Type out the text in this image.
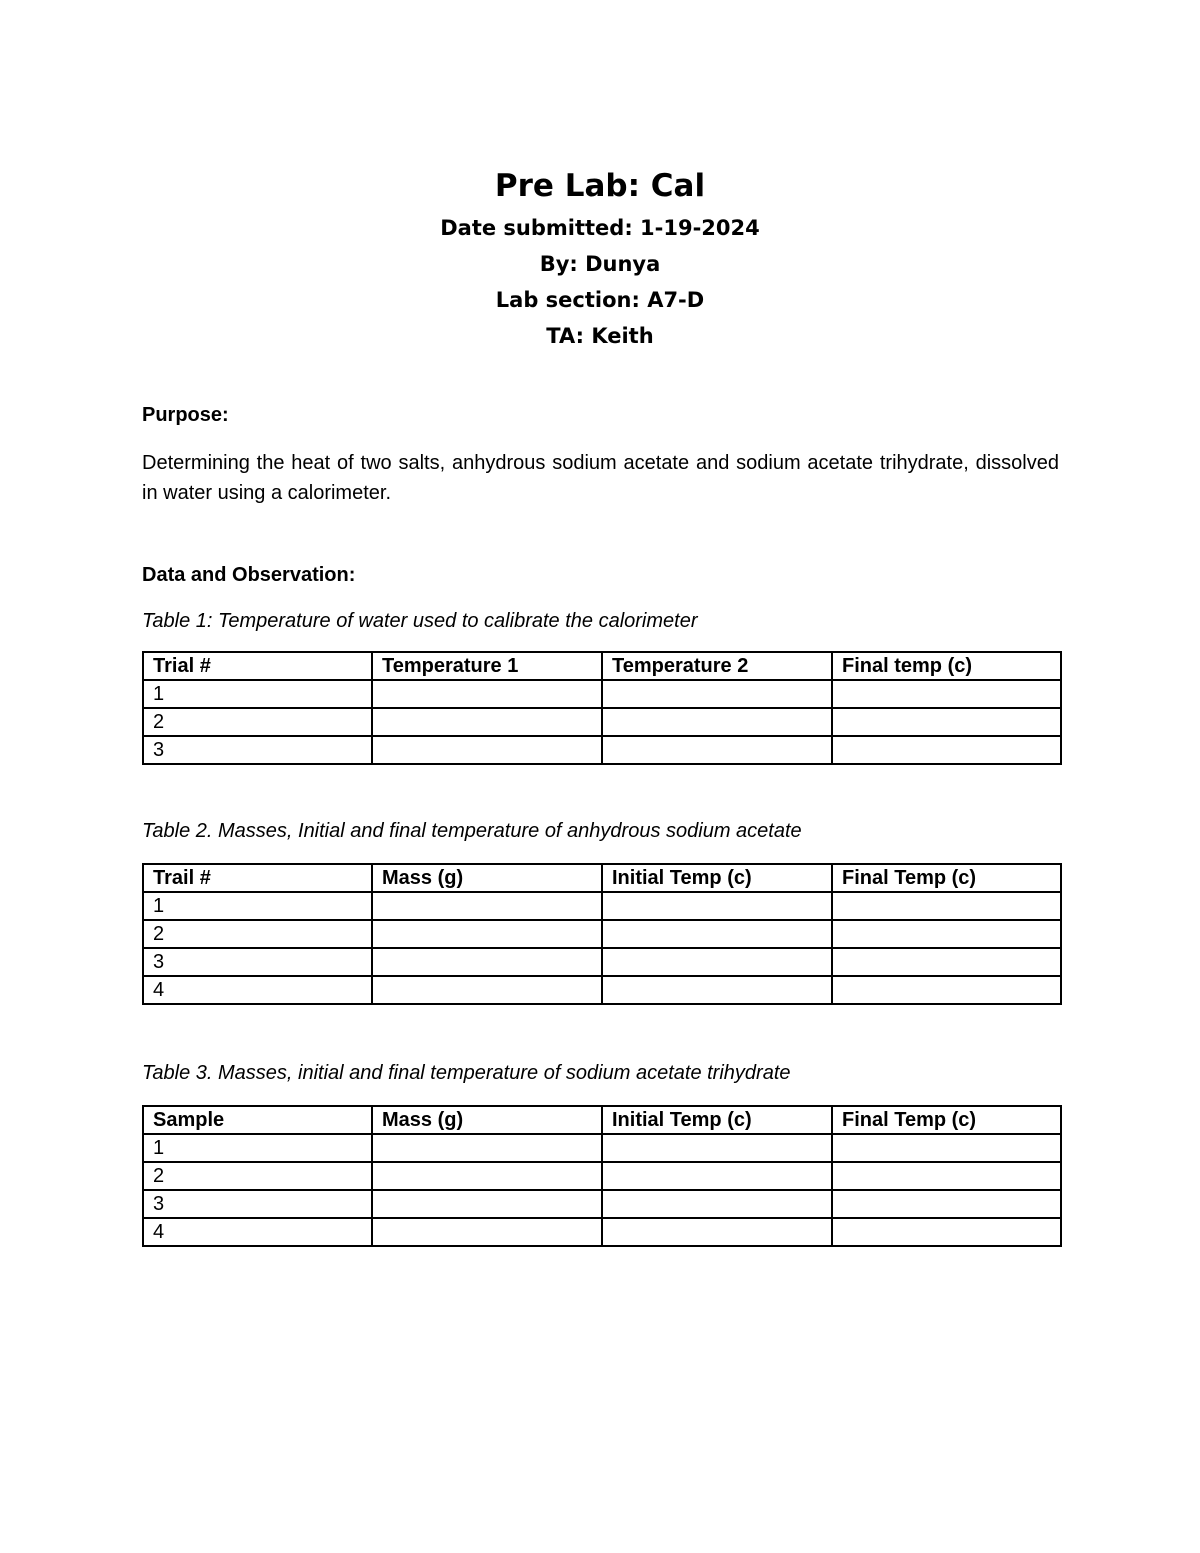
Pre Lab: Cal
Date submitted: 1-19-2024
By: Dunya
Lab section: A7-D
TA: Keith
Purpose:
Determining the heat of two salts, anhydrous sodium acetate and sodium acetate trihydrate, dissolved in water using a calorimeter.
Data and Observation:
Table 1: Temperature of water used to calibrate the calorimeter
Trial #	Temperature 1	Temperature 2	Final temp (c)
1			
2			
3			
Table 2. Masses, Initial and final temperature of anhydrous sodium acetate
Trail #	Mass (g)	Initial Temp (c)	Final Temp (c)
1			
2			
3			
4			
Table 3. Masses, initial and final temperature of sodium acetate trihydrate
Sample	Mass (g)	Initial Temp (c)	Final Temp (c)
1			
2			
3			
4			
